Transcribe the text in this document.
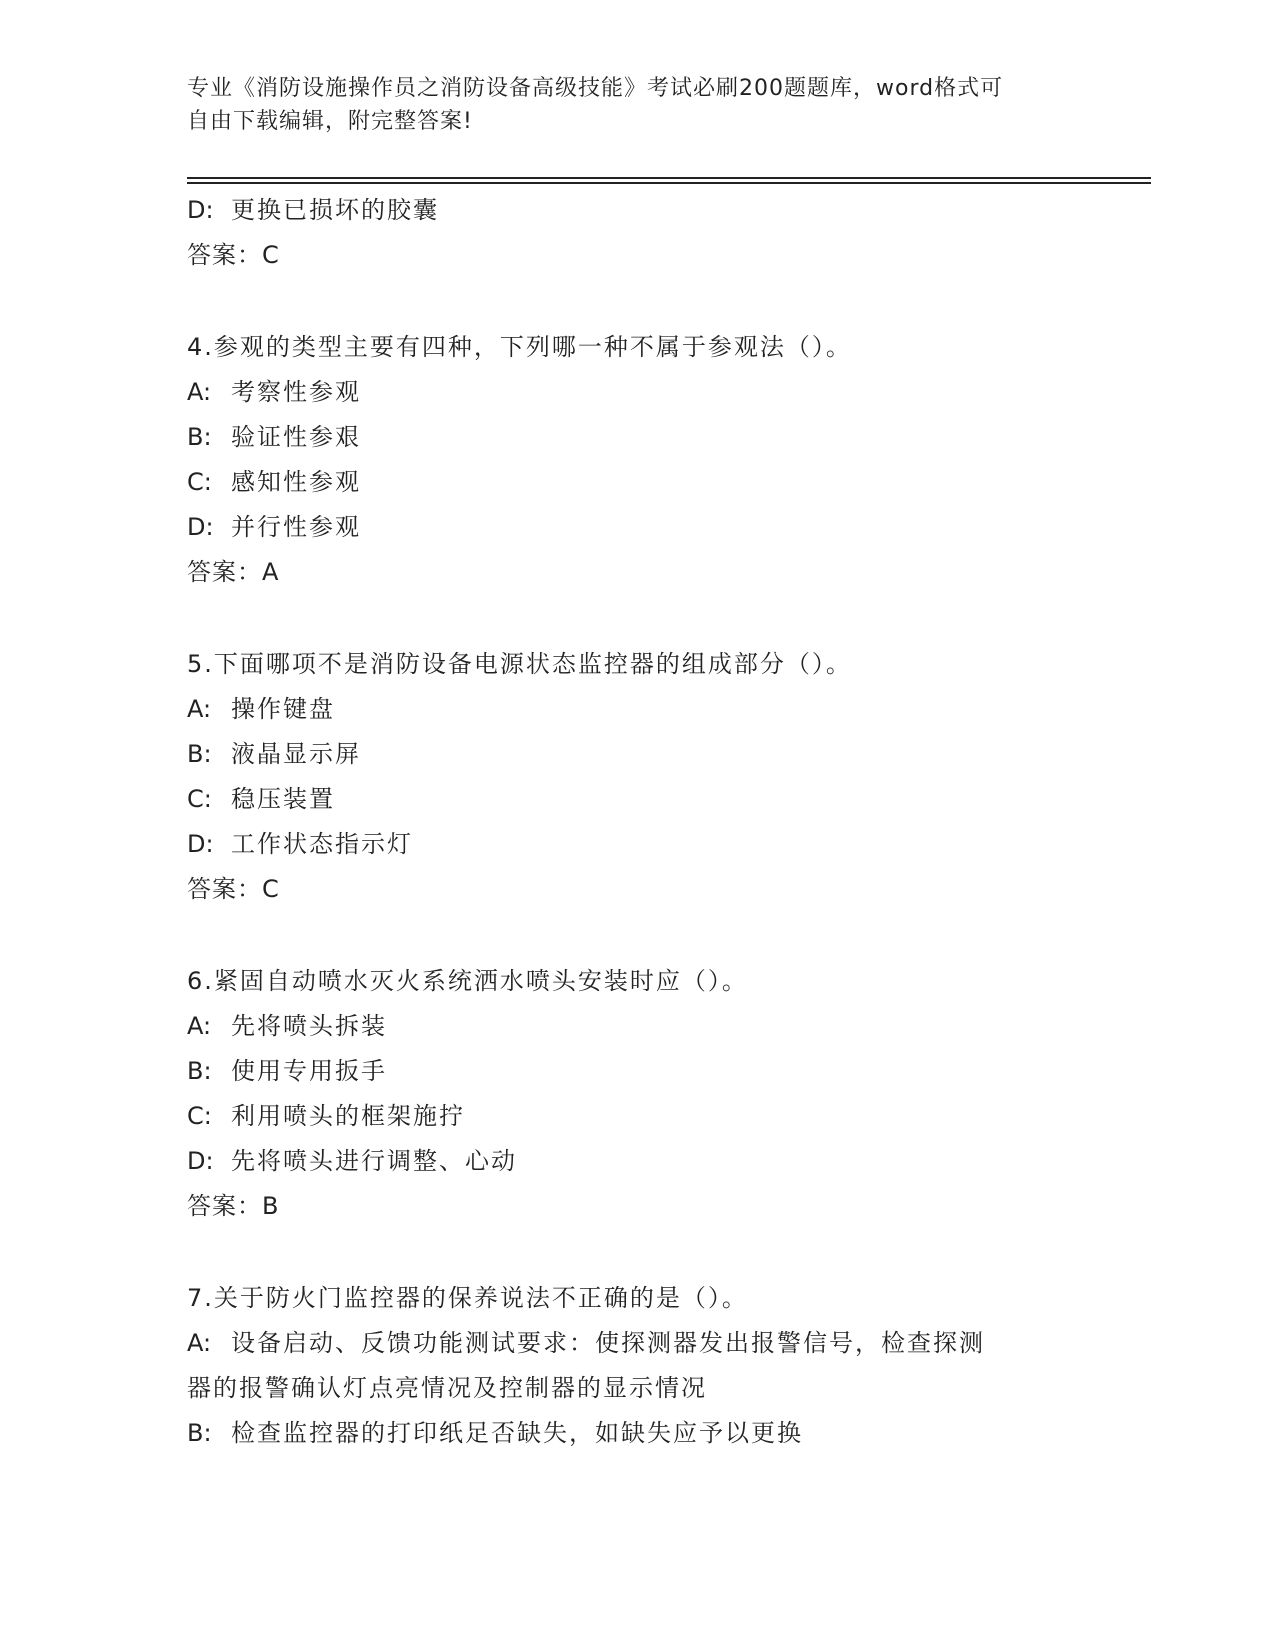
专业《消防设施操作员之消防设备高级技能》考试必刷200题题库，word格式可
自由下载编辑，附完整答案!
D: 更换已损坏的胶囊
答案：C
4.参观的类型主要有四种，下列哪一种不属于参观法（）。
A: 考察性参观
B: 验证性参艰
C: 感知性参观
D: 并行性参观
答案：A
5.下面哪项不是消防设备电源状态监控器的组成部分（）。
A: 操作键盘
B: 液晶显示屏
C: 稳压装置
D: 工作状态指示灯
答案：C
6.紧固自动喷水灭火系统洒水喷头安装时应（）。
A: 先将喷头拆装
B: 使用专用扳手
C: 利用喷头的框架施拧
D: 先将喷头进行调整、心动
答案：B
7.关于防火门监控器的保养说法不正确的是（）。
A: 设备启动、反馈功能测试要求：使探测器发出报警信号，检查探测
器的报警确认灯点亮情况及控制器的显示情况
B: 检查监控器的打印纸足否缺失，如缺失应予以更换
